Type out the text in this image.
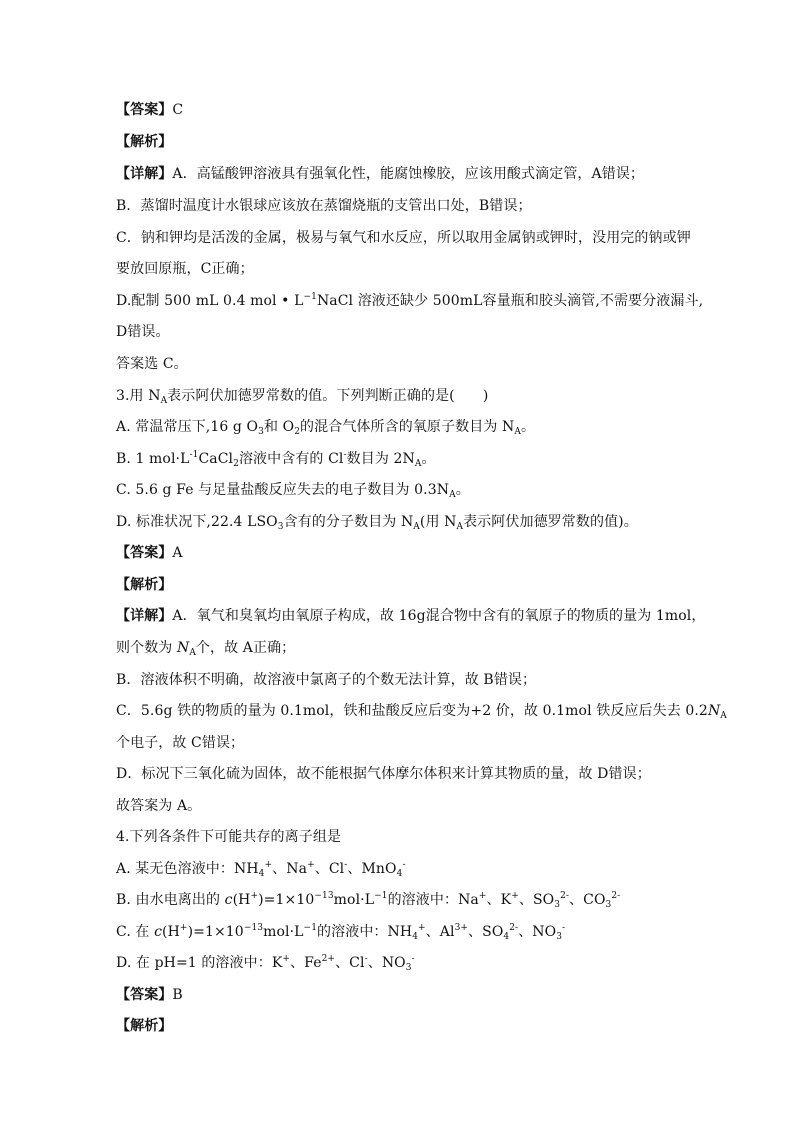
【答案】C
【解析】
【详解】A．高锰酸钾溶液具有强氧化性，能腐蚀橡胶，应该用酸式滴定管，A错误；
B．蒸馏时温度计水银球应该放在蒸馏烧瓶的支管出口处，B错误；
C．钠和钾均是活泼的金属，极易与氧气和水反应，所以取用金属钠或钾时，没用完的钠或钾
要放回原瓶，C正确；
D.配制 500 mL 0.4 mol • $L^{-1}NaCl$ 溶液还缺少 500mL容量瓶和胶头滴管,不需要分液漏斗,
D错误。
答案选 C。
3.用 $N_A$表示阿伏加德罗常数的值。下列判断正确的是(　　)
A. 常温常压下,16 g $O_3$和 $O_2$的混合气体所含的氧原子数目为 $N_A$。
B. 1 $mol\cdot L^{-1}CaCl_2$溶液中含有的 Cl-数目为 $2N_A$。
C. 5.6 g Fe 与足量盐酸反应失去的电子数目为 $0.3N_A$。
D. 标准状况下,22.4 $LSO_3$含有的分子数目为 $N_A$(用 $N_A$表示阿伏加德罗常数的值)。
【答案】A
【解析】
【详解】A．氧气和臭氧均由氧原子构成，故 16g混合物中含有的氧原子的物质的量为 1mol，
则个数为 $N_A$个，故 A正确；
B．溶液体积不明确，故溶液中氯离子的个数无法计算，故 B错误；
C．5.6g 铁的物质的量为 0.1mol，铁和盐酸反应后变为+2 价，故 0.1mol 铁反应后失去 $0.2N_A$
个电子，故 C错误；
D．标况下三氧化硫为固体，故不能根据气体摩尔体积来计算其物质的量，故 D错误；
故答案为 A。
4.下列各条件下可能共存的离子组是
A. 某无色溶液中：$NH_4^+$、Na+、Cl-、MnO$_4$-
B. 由水电离出的 $c(H^+)=1\times 10^{-13}mol\cdot L^{-1}$的溶液中：Na+、K+、$SO_3^{2-}$、$CO_3^{2-}$
C. 在 $c(H^+)=1\times 10^{-13}mol\cdot L^{-1}$的溶液中：$NH_4^+$、$Al^{3+}$、$SO_4^{2-}$、$NO_3^-$
D. 在 pH=1 的溶液中：K+、$Fe^{2+}$、Cl-、$NO_3^-$
【答案】B
【解析】
